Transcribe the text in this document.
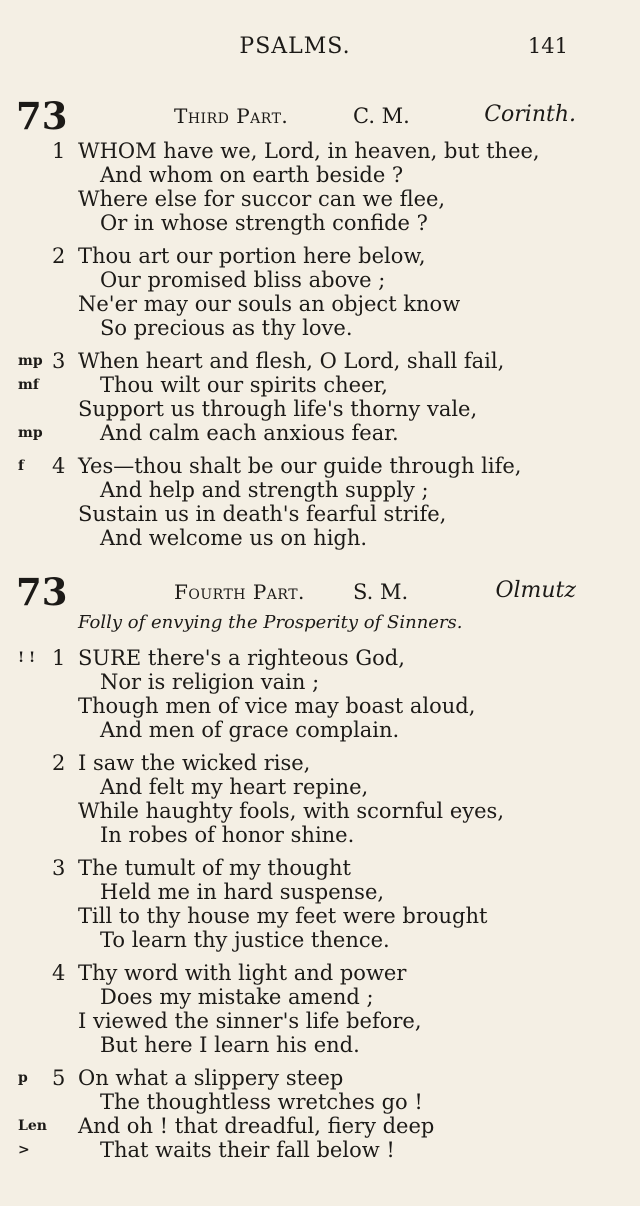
PSALMS.	141
73	Third Part.	C. M.	Corinth.
73	Fourth Part. S. M.	Olmutz
Folly of envying the Prosperity of Sinners.
1 WHOM have we, Lord, in heaven, but thee,
And whom on earth beside ?
Where else for succor can we flee,
Or in whose strength confide ?
2 Thou art our portion here below,
Our promised bliss above ;
Ne'er may our souls an object know
So precious as thy love.
3
mp When heart and flesh, O Lord, shall fail,
mf	Thou wilt our spirits cheer,
Support us through life's thorny vale,
mp	And calm each anxious fear.
4
f	Yes—thou shalt be our guide through life,
And help and strength supply ;
Sustain us in death's fearful strife,
And welcome us on high.
1
! ! SURE there's a righteous God,
Nor is religion vain ;
Though men of vice may boast aloud,
And men of grace complain.
2 I saw the wicked rise,
And felt my heart repine,
While haughty fools, with scornful eyes,
In robes of honor shine.
3 The tumult of my thought
Held me in hard suspense,
Till to thy house my feet were brought
To learn thy justice thence.
4 Thy word with light and power
Does my mistake amend ;
I viewed the sinner's life before,
But here I learn his end.
5
p On what a slippery steep
The thoughtless wretches go !
Len And oh ! that dreadful, fiery deep
>	That waits their fall below !
